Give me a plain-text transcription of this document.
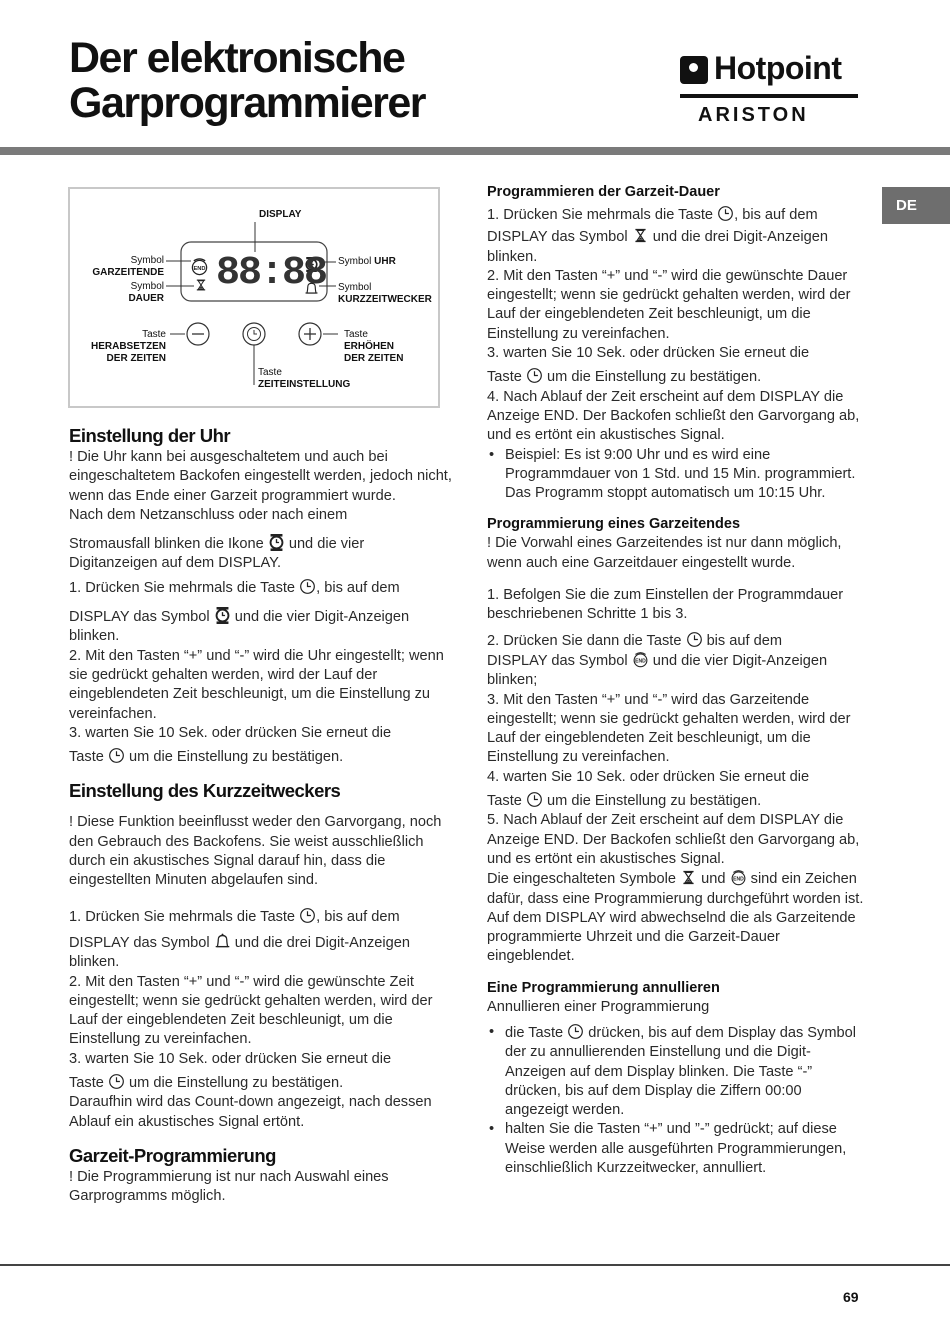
Der elektronische
Garprogrammierer
Hotpoint
ARISTON
DE
DISPLAY
88:88
Symbol
GARZEITENDE
Symbol
DAUER
Symbol UHR
Symbol
KURZZEITWECKER
Taste
HERABSETZEN
DER ZEITEN
Taste
ERHÖHEN
DER ZEITEN
Taste
ZEITEINSTELLUNG
Einstellung der Uhr

! Die Uhr kann bei ausgeschaltetem und auch bei eingeschaltetem Backofen eingestellt werden, jedoch nicht, wenn das Ende einer Garzeit programmiert wurde.

Nach dem Netzanschluss oder nach einem

Stromausfall blinken die Ikone und die vier Digitanzeigen auf dem DISPLAY.

1. Drücken Sie mehrmals die Taste , bis auf dem

DISPLAY das Symbol und die vier Digit-Anzeigen blinken.

2. Mit den Tasten “+” und “-” wird die Uhr eingestellt; wenn sie gedrückt gehalten werden, wird der Lauf der eingeblendeten Zeit beschleunigt, um die Einstellung zu vereinfachen.

3. warten Sie 10 Sek. oder drücken Sie erneut die

Taste um die Einstellung zu bestätigen.

Einstellung des Kurzzeitweckers

! Diese Funktion beeinflusst weder den Garvorgang, noch den Gebrauch des Backofens. Sie weist ausschließlich durch ein akustisches Signal darauf hin, dass die eingestellten Minuten abgelaufen sind.

1. Drücken Sie mehrmals die Taste , bis auf dem

DISPLAY das Symbol und die drei Digit-Anzeigen blinken.

2. Mit den Tasten “+” und “-” wird die gewünschte Zeit eingestellt; wenn sie gedrückt gehalten werden, wird der Lauf der eingeblendeten Zeit beschleunigt, um die Einstellung zu vereinfachen.

3. warten Sie 10 Sek. oder drücken Sie erneut die

Taste um die Einstellung zu bestätigen.

Daraufhin wird das Count-down angezeigt, nach dessen Ablauf ein akustisches Signal ertönt.

Garzeit-Programmierung

! Die Programmierung ist nur nach Auswahl eines Garprogramms möglich.

Programmieren der Garzeit-Dauer

1. Drücken Sie mehrmals die Taste , bis auf dem

DISPLAY das Symbol und die drei Digit-Anzeigen blinken.

2. Mit den Tasten “+” und “-” wird die gewünschte Dauer eingestellt; wenn sie gedrückt gehalten werden, wird der Lauf der eingeblendeten Zeit beschleunigt, um die Einstellung zu vereinfachen.

3. warten Sie 10 Sek. oder drücken Sie erneut die

Taste um die Einstellung zu bestätigen.

4. Nach Ablauf der Zeit erscheint auf dem DISPLAY die Anzeige END. Der Backofen schließt den Garvorgang ab, und es ertönt ein akustisches Signal.

• Beispiel: Es ist 9:00 Uhr und es wird eine Programmdauer von 1 Std. und 15 Min. programmiert. Das Programm stoppt automatisch um 10:15 Uhr.

Programmierung eines Garzeitendes

! Die Vorwahl eines Garzeitendes ist nur dann möglich, wenn auch eine Garzeitdauer eingestellt wurde.

1. Befolgen Sie die zum Einstellen der Programmdauer beschriebenen Schritte 1 bis 3.

2. Drücken Sie dann die Taste bis auf dem

DISPLAY das Symbol und die vier Digit-Anzeigen blinken;

3. Mit den Tasten “+” und “-” wird das Garzeitende eingestellt; wenn sie gedrückt gehalten werden, wird der Lauf der eingeblendeten Zeit beschleunigt, um die Einstellung zu vereinfachen.

4. warten Sie 10 Sek. oder drücken Sie erneut die

Taste um die Einstellung zu bestätigen.

5. Nach Ablauf der Zeit erscheint auf dem DISPLAY die Anzeige END. Der Backofen schließt den Garvorgang ab, und es ertönt ein akustisches Signal.

Die eingeschalteten Symbole und sind ein Zeichen dafür, dass eine Programmierung durchgeführt worden ist. Auf dem DISPLAY wird abwechselnd die als Garzeitende programmierte Uhrzeit und die Garzeit-Dauer eingeblendet.

Eine Programmierung annullieren

Annullieren einer Programmierung

• die Taste drücken, bis auf dem Display das Symbol der zu annullierenden Einstellung und die Digit-Anzeigen auf dem Display blinken. Die Taste “-” drücken, bis auf dem Display die Ziffern 00:00 angezeigt werden.

• halten Sie die Tasten “+” und ”-” gedrückt; auf diese Weise werden alle ausgeführten Programmierungen, einschließlich Kurzzeitwecker, annulliert.

69
